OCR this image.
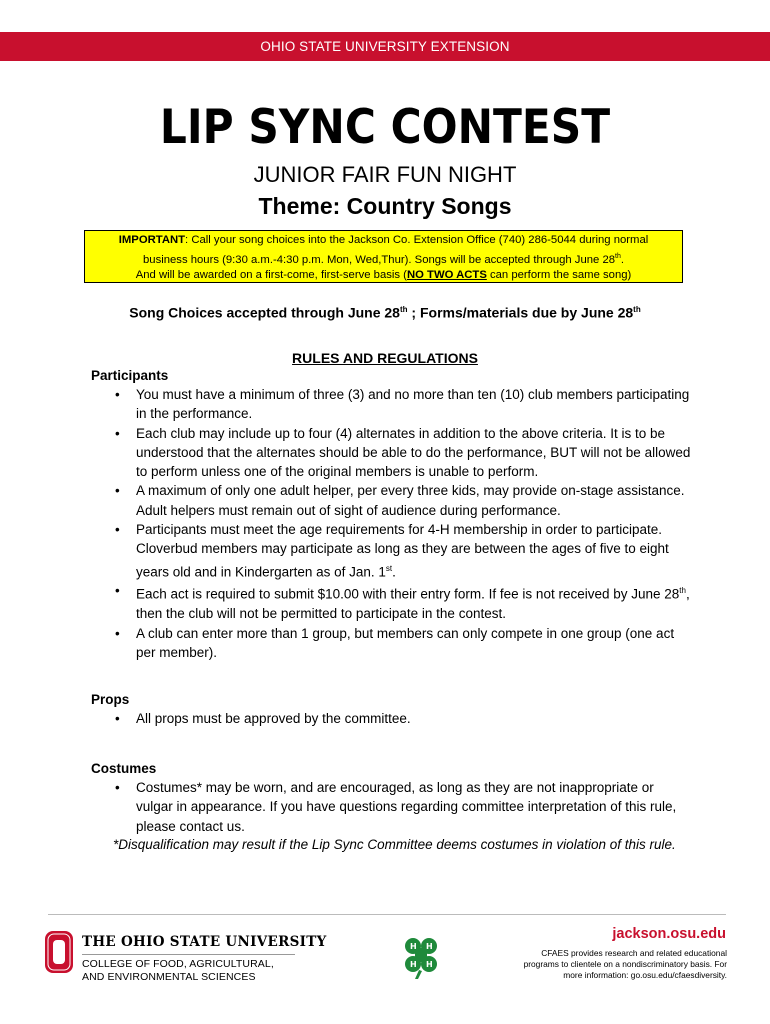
OHIO STATE UNIVERSITY EXTENSION
LIP SYNC CONTEST
JUNIOR FAIR FUN NIGHT
Theme: Country Songs
IMPORTANT: Call your song choices into the Jackson Co. Extension Office (740) 286-5044 during normal
business hours (9:30 a.m.-4:30 p.m. Mon, Wed,Thur). Songs will be accepted through June 28th.
And will be awarded on a first-come, first-serve basis (NO TWO ACTS can perform the same song)
Song Choices accepted through June 28th ; Forms/materials due by June 28th
RULES AND REGULATIONS
Participants
• You must have a minimum of three (3) and no more than ten (10) club members participating in the performance.
• Each club may include up to four (4) alternates in addition to the above criteria. It is to be understood that the alternates should be able to do the performance, BUT will not be allowed to perform unless one of the original members is unable to perform.
• A maximum of only one adult helper, per every three kids, may provide on-stage assistance. Adult helpers must remain out of sight of audience during performance.
• Participants must meet the age requirements for 4-H membership in order to participate. Cloverbud members may participate as long as they are between the ages of five to eight years old and in Kindergarten as of Jan. 1st.
• Each act is required to submit $10.00 with their entry form. If fee is not received by June 28th, then the club will not be permitted to participate in the contest.
• A club can enter more than 1 group, but members can only compete in one group (one act per member).
Props
• All props must be approved by the committee.
Costumes
• Costumes* may be worn, and are encouraged, as long as they are not inappropriate or vulgar in appearance. If you have questions regarding committee interpretation of this rule, please contact us.
*Disqualification may result if the Lip Sync Committee deems costumes in violation of this rule.
THE OHIO STATE UNIVERSITY
COLLEGE OF FOOD, AGRICULTURAL,
AND ENVIRONMENTAL SCIENCES
H H
H H
jackson.osu.edu
CFAES provides research and related educational programs to clientele on a nondiscriminatory basis. For more information: go.osu.edu/cfaesdiversity.
